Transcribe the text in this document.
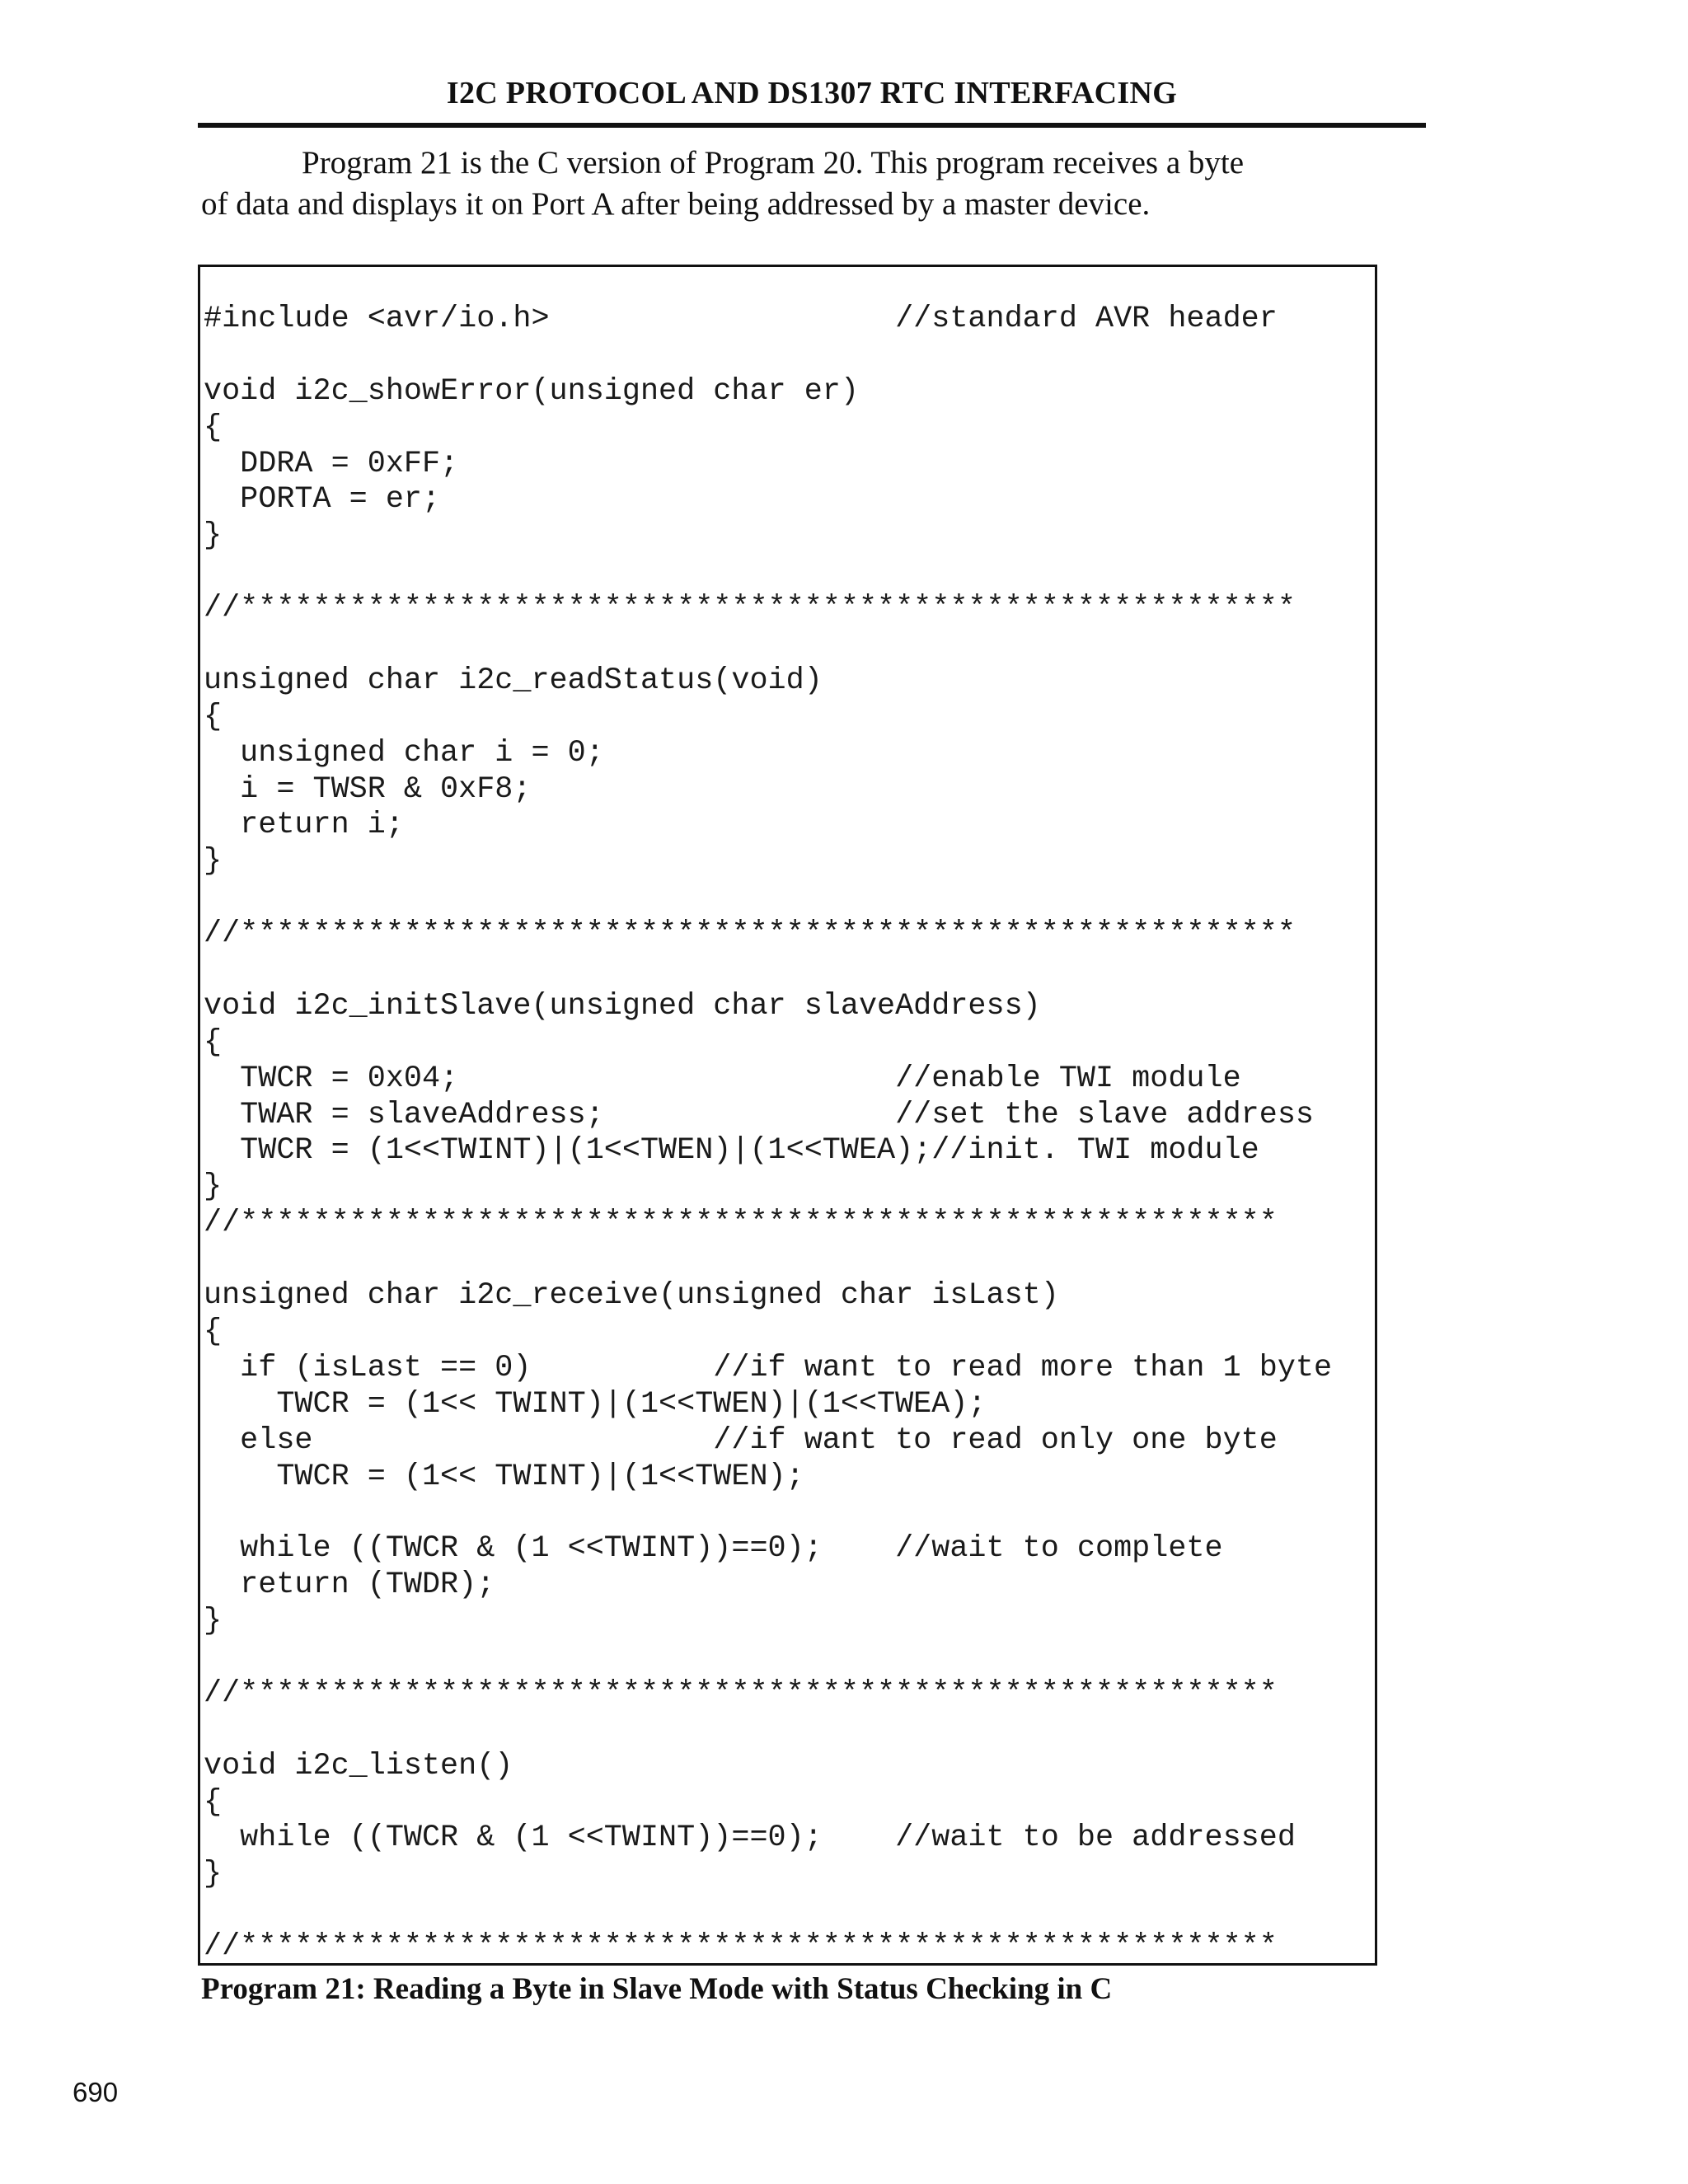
I2C PROTOCOL AND DS1307 RTC INTERFACING

Program 21 is the C version of Program 20. This program receives a byte

of data and displays it on Port A after being addressed by a master device.

#include <avr/io.h>                   //standard AVR header
void i2c_showError(unsigned char er)
{
DDRA = 0xFF;
PORTA = er;
}
//**********************************************************
unsigned char i2c_readStatus(void)
{
unsigned char i = 0;
i = TWSR & 0xF8;
return i;
}
//**********************************************************
void i2c_initSlave(unsigned char slaveAddress)
{
TWCR = 0x04;                        //enable TWI module
TWAR = slaveAddress;                //set the slave address
TWCR = (1<<TWINT)|(1<<TWEN)|(1<<TWEA);//init. TWI module
}
//*********************************************************
unsigned char i2c_receive(unsigned char isLast)
{
if (isLast == 0)          //if want to read more than 1 byte
TWCR = (1<< TWINT)|(1<<TWEN)|(1<<TWEA);
else                      //if want to read only one byte
TWCR = (1<< TWINT)|(1<<TWEN);
while ((TWCR & (1 <<TWINT))==0);    //wait to complete
return (TWDR);
}
//*********************************************************
void i2c_listen()
{
while ((TWCR & (1 <<TWINT))==0);    //wait to be addressed
}
//*********************************************************
Program 21: Reading a Byte in Slave Mode with Status Checking in C
690
